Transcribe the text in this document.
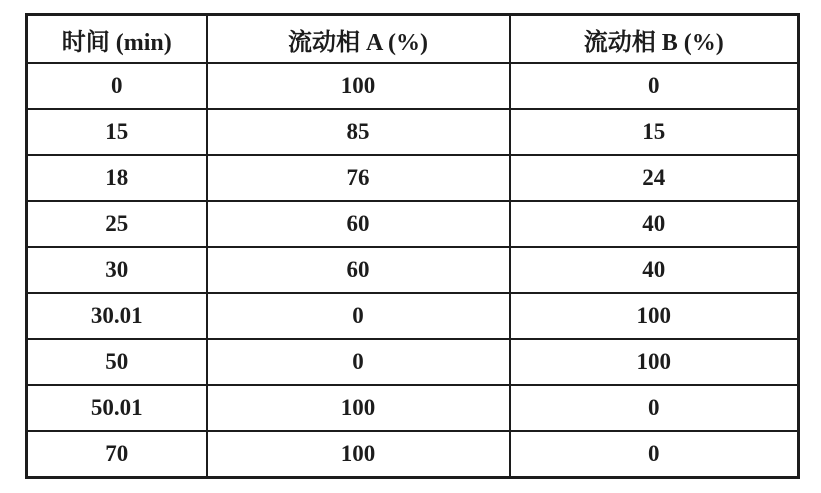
时间 (min)	流动相 A (%)	流动相 B (%)
0	100	0
15	85	15
18	76	24
25	60	40
30	60	40
30.01	0	100
50	0	100
50.01	100	0
70	100	0
